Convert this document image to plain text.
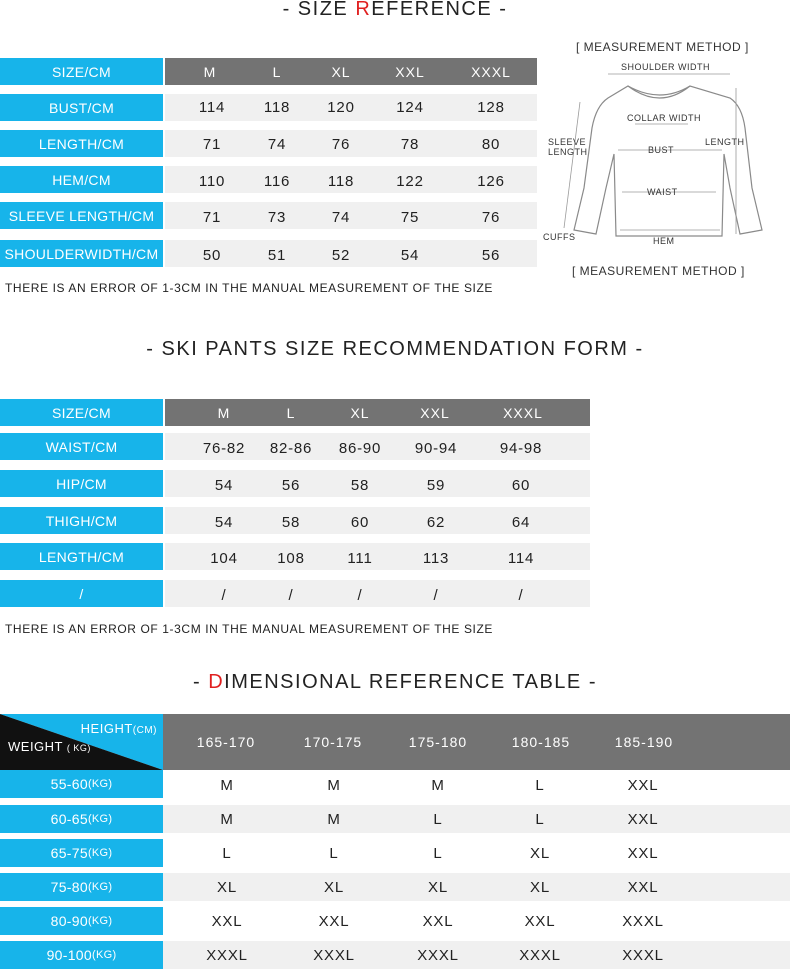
- SIZE REFERENCE -
SIZE/CM	M	L	XL	XXL	XXXL
BUST/CM	114	118 120	124	128
LENGTH/CM	71	74	76	78	80
HEM/CM	110	116	118	122	126
SLEEVE LENGTH/CM	71	73	74	75	76
SHOULDERWIDTH/CM	50	51	52	54	56
THERE IS AN ERROR OF 1-3CM IN THE MANUAL MEASUREMENT OF THE SIZE
[ MEASUREMENT METHOD ]
SHOULDER WIDTH
COLLAR WIDTH
SLEEVE
LENGTH
LENGTH
BUST
WAIST
CUFFS	HEM
[ MEASUREMENT METHOD ]
- SKI PANTS SIZE RECOMMENDATION FORM -
SIZE/CM	M	L	XL	XXL	XXXL
WAIST/CM	76-82 82-86 86-90 90-94	94-98
HIP/CM	54	56	58	59	60
THIGH/CM	54	58	60	62	64
LENGTH/CM	104	108	111	113	114
/	/	/	/	/	/
THERE IS AN ERROR OF 1-3CM IN THE MANUAL MEASUREMENT OF THE SIZE
- DIMENSIONAL REFERENCE TABLE -
HEIGHT(CM)
WEIGHT ( KG)	165-170	170-175	175-180	180-185	185-190
55-60 (KG)	M	M	M	L	XXL
60-65 (KG)	M	M	L	L	XXL
65-75 (KG)	L	L	L	XL	XXL
75-80 (KG)	XL	XL	XL	XL	XXL
80-90 (KG)	XXL	XXL	XXL	XXL	XXXL
90-100 (KG)	XXXL	XXXL	XXXL	XXXL	XXXL
